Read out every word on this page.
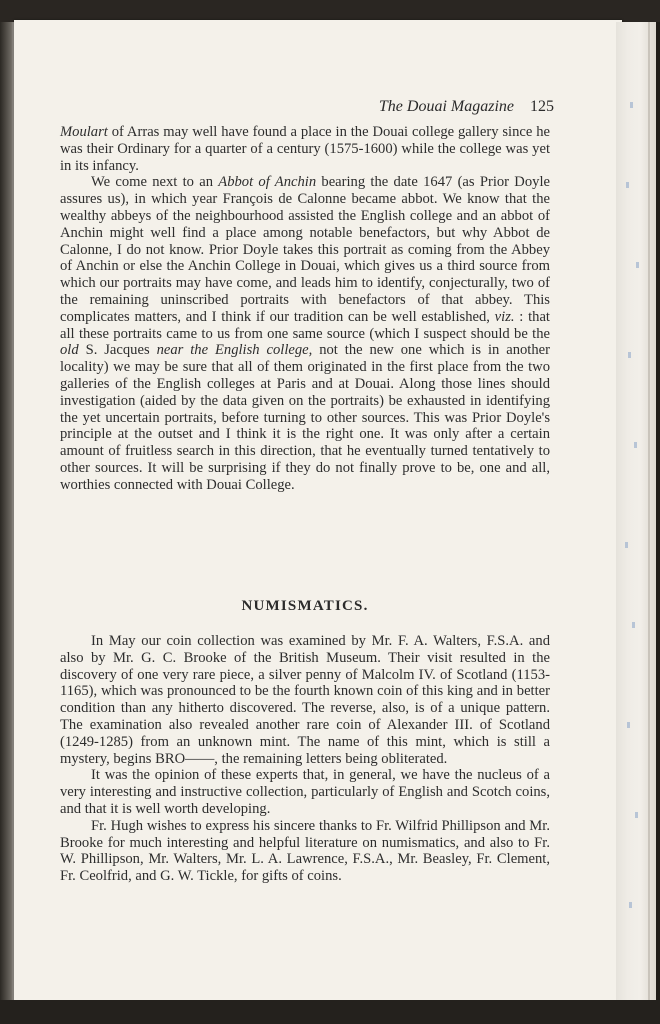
The Douai Magazine 125

Moulart of Arras may well have found a place in the Douai college gallery since he was their Ordinary for a quarter of a century (1575-1600) while the college was yet in its infancy.

We come next to an Abbot of Anchin bearing the date 1647 (as Prior Doyle assures us), in which year François de Calonne became abbot. We know that the wealthy abbeys of the neighbourhood assisted the English college and an abbot of Anchin might well find a place among notable benefactors, but why Abbot de Calonne, I do not know. Prior Doyle takes this portrait as coming from the Abbey of Anchin or else the Anchin College in Douai, which gives us a third source from which our portraits may have come, and leads him to identify, conjecturally, two of the remaining uninscribed portraits with benefactors of that abbey. This complicates matters, and I think if our tradition can be well established, viz. : that all these portraits came to us from one same source (which I suspect should be the old S. Jacques near the English college, not the new one which is in another locality) we may be sure that all of them originated in the first place from the two galleries of the English colleges at Paris and at Douai. Along those lines should investigation (aided by the data given on the portraits) be exhausted in identifying the yet uncertain portraits, before turning to other sources. This was Prior Doyle's principle at the outset and I think it is the right one. It was only after a certain amount of fruitless search in this direction, that he eventually turned tentatively to other sources. It will be surprising if they do not finally prove to be, one and all, worthies connected with Douai College.

NUMISMATICS.

In May our coin collection was examined by Mr. F. A. Walters, F.S.A. and also by Mr. G. C. Brooke of the British Museum. Their visit resulted in the discovery of one very rare piece, a silver penny of Malcolm IV. of Scotland (1153-1165), which was pronounced to be the fourth known coin of this king and in better condition than any hitherto discovered. The reverse, also, is of a unique pattern. The examination also revealed another rare coin of Alexander III. of Scotland (1249-1285) from an unknown mint. The name of this mint, which is still a mystery, begins BRO——, the remaining letters being obliterated.

It was the opinion of these experts that, in general, we have the nucleus of a very interesting and instructive collection, particularly of English and Scotch coins, and that it is well worth developing.

Fr. Hugh wishes to express his sincere thanks to Fr. Wilfrid Phillipson and Mr. Brooke for much interesting and helpful literature on numismatics, and also to Fr. W. Phillipson, Mr. Walters, Mr. L. A. Lawrence, F.S.A., Mr. Beasley, Fr. Clement, Fr. Ceolfrid, and G. W. Tickle, for gifts of coins.
